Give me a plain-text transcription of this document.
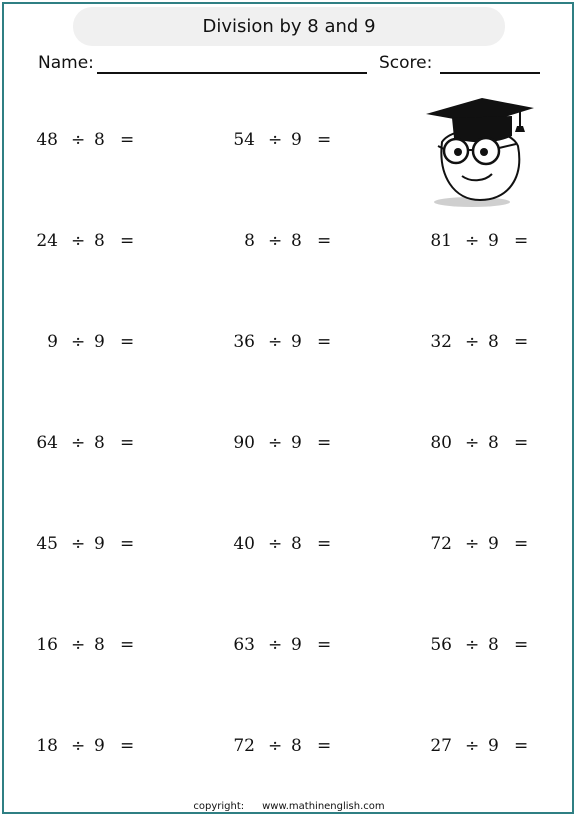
Division by 8 and 9
Name:	Score:
48 ÷ 8 =	54 ÷ 9 =
24 ÷ 8 =	8 ÷ 8 =	81 ÷ 9 =
9 ÷ 9 =	36 ÷ 9 =	32 ÷ 8 =
64 ÷ 8 =	90 ÷ 9 =	80 ÷ 8 =
45 ÷ 9 =	40 ÷ 8 =	72 ÷ 9 =
16 ÷ 8 =	63 ÷ 9 =	56 ÷ 8 =
18 ÷ 9 =	72 ÷ 8 =	27 ÷ 9 =
copyright: www.mathinenglish.com
